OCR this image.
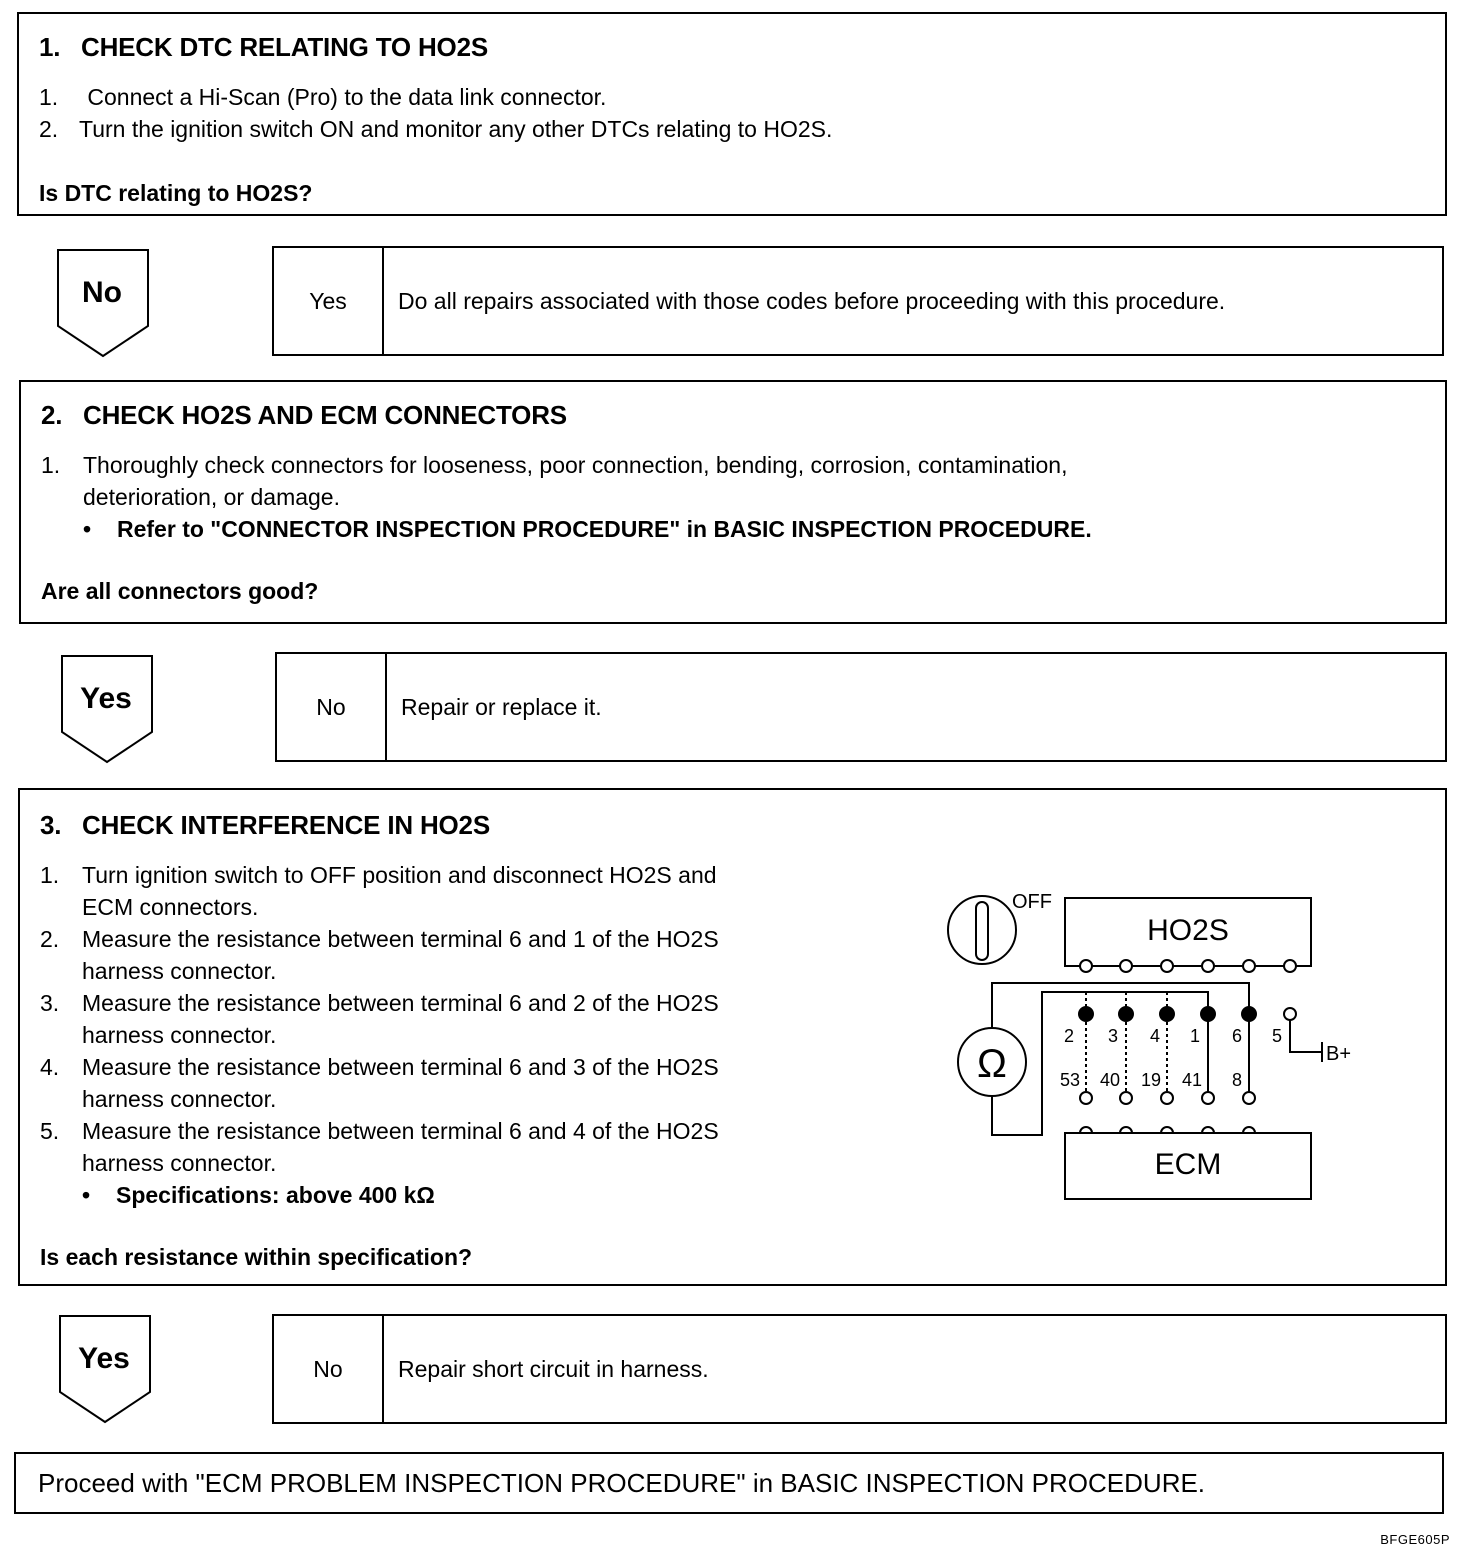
1. CHECK DTC RELATING TO HO2S
1. Connect a Hi-Scan (Pro) to the data link connector.
2. Turn the ignition switch ON and monitor any other DTCs relating to HO2S.
Is DTC relating to HO2S?
No	Yes	Do all repairs associated with those codes before proceeding with this procedure.
2. CHECK HO2S AND ECM CONNECTORS
1. Thoroughly check connectors for looseness, poor connection, bending, corrosion, contamination,
deterioration, or damage.
• Refer to "CONNECTOR INSPECTION PROCEDURE" in BASIC INSPECTION PROCEDURE.
Are all connectors good?
Yes	No	Repair or replace it.
3. CHECK INTERFERENCE IN HO2S
1. Turn ignition switch to OFF position and disconnect HO2S and
ECM connectors.
2. Measure the resistance between terminal 6 and 1 of the HO2S
harness connector.
3. Measure the resistance between terminal 6 and 2 of the HO2S
harness connector.
4. Measure the resistance between terminal 6 and 3 of the HO2S
harness connector.
5. Measure the resistance between terminal 6 and 4 of the HO2S
harness connector.
• Specifications: above 400 kΩ
Is each resistance within specification?
OFF
HO2S
Ω
2 3 4 1 6 5
B+
53 40 19 41 8
ECM
Yes	No	Repair short circuit in harness.
Proceed with "ECM PROBLEM INSPECTION PROCEDURE" in BASIC INSPECTION PROCEDURE.
BFGE605P
